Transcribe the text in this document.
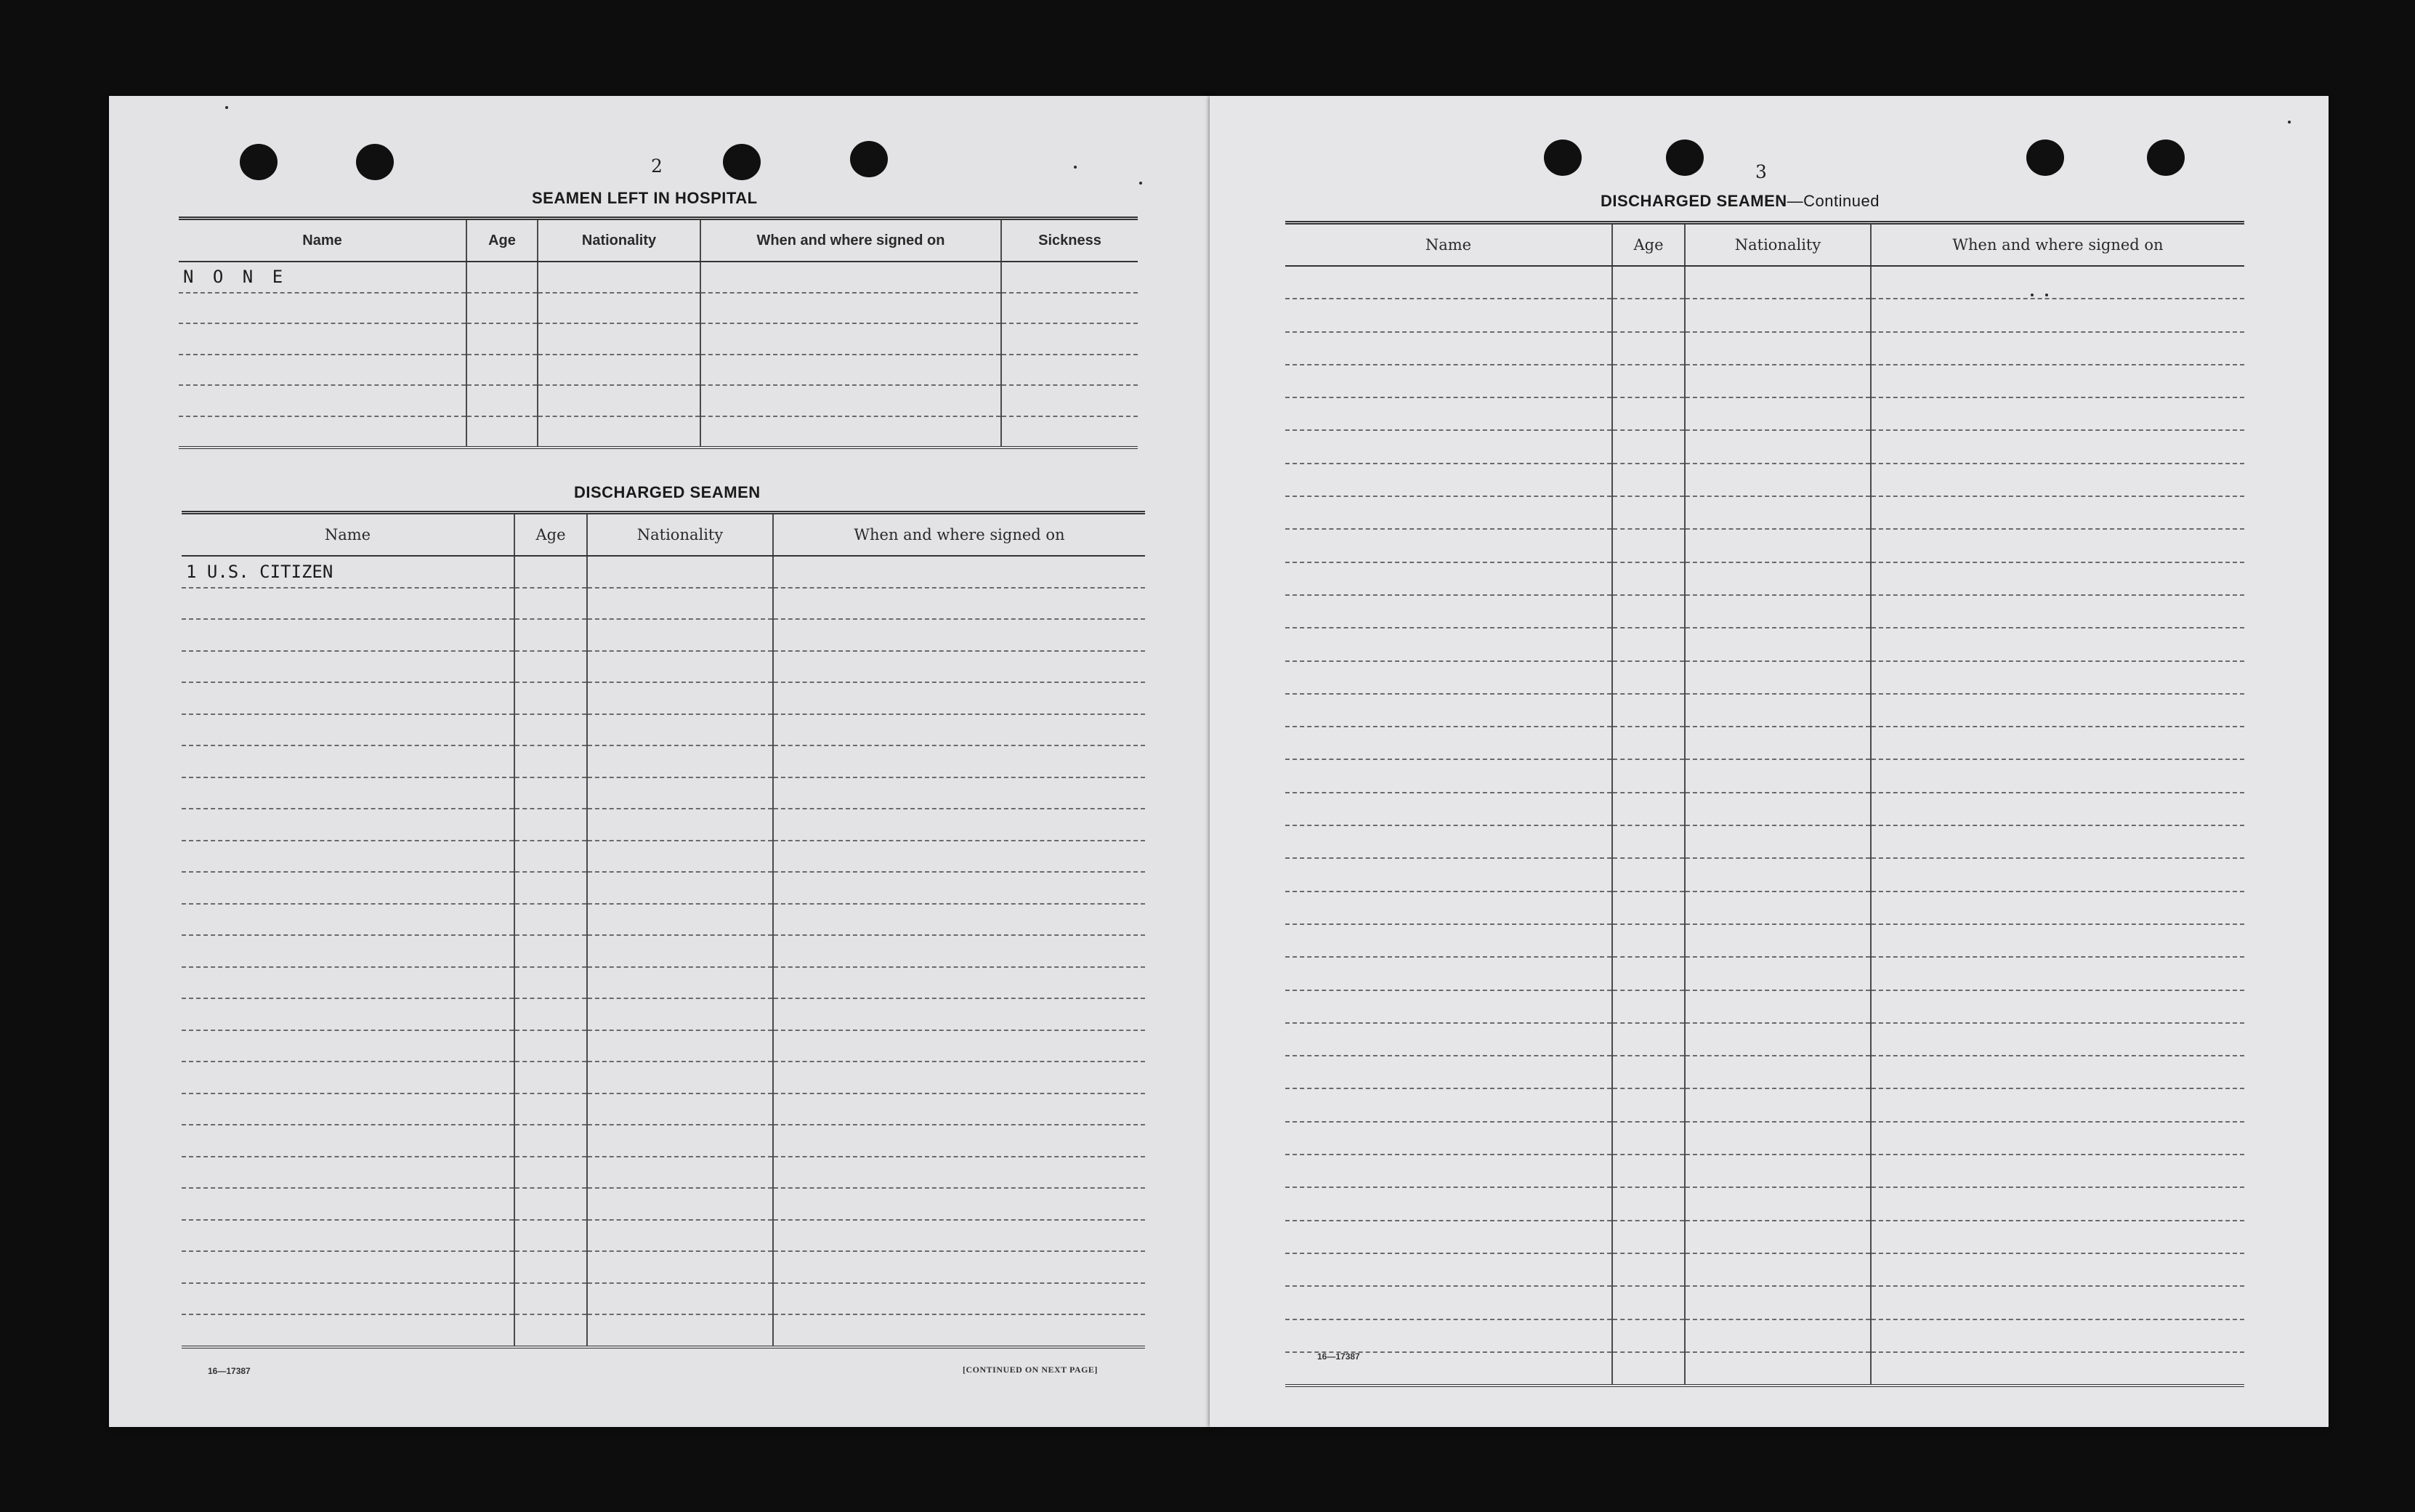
2
SEAMEN LEFT IN HOSPITAL
Name	Age	Nationality	When and where signed on	Sickness
N O N E				

DISCHARGED SEAMEN
Name	Age	Nationality	When and where signed on
1 U.S. CITIZEN			

16—17387	[CONTINUED ON NEXT PAGE]
3
DISCHARGED SEAMEN—Continued
Name	Age	Nationality	When and where signed on

16—17387
